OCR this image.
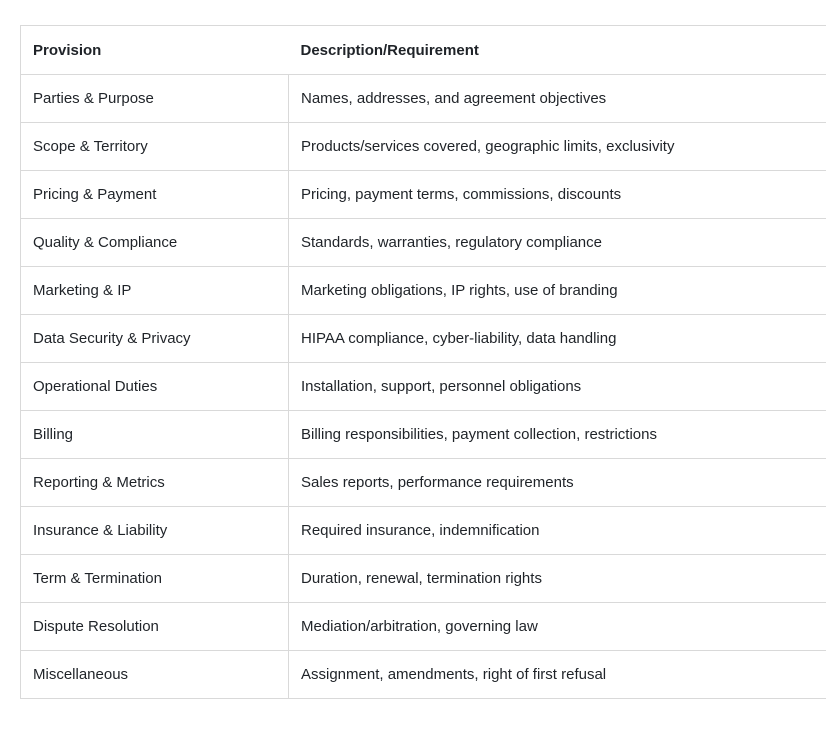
Provision	Description/Requirement
Parties & Purpose	Names, addresses, and agreement objectives
Scope & Territory	Products/services covered, geographic limits, exclusivity
Pricing & Payment	Pricing, payment terms, commissions, discounts
Quality & Compliance	Standards, warranties, regulatory compliance
Marketing & IP	Marketing obligations, IP rights, use of branding
Data Security & Privacy	HIPAA compliance, cyber-liability, data handling
Operational Duties	Installation, support, personnel obligations
Billing	Billing responsibilities, payment collection, restrictions
Reporting & Metrics	Sales reports, performance requirements
Insurance & Liability	Required insurance, indemnification
Term & Termination	Duration, renewal, termination rights
Dispute Resolution	Mediation/arbitration, governing law
Miscellaneous	Assignment, amendments, right of first refusal
